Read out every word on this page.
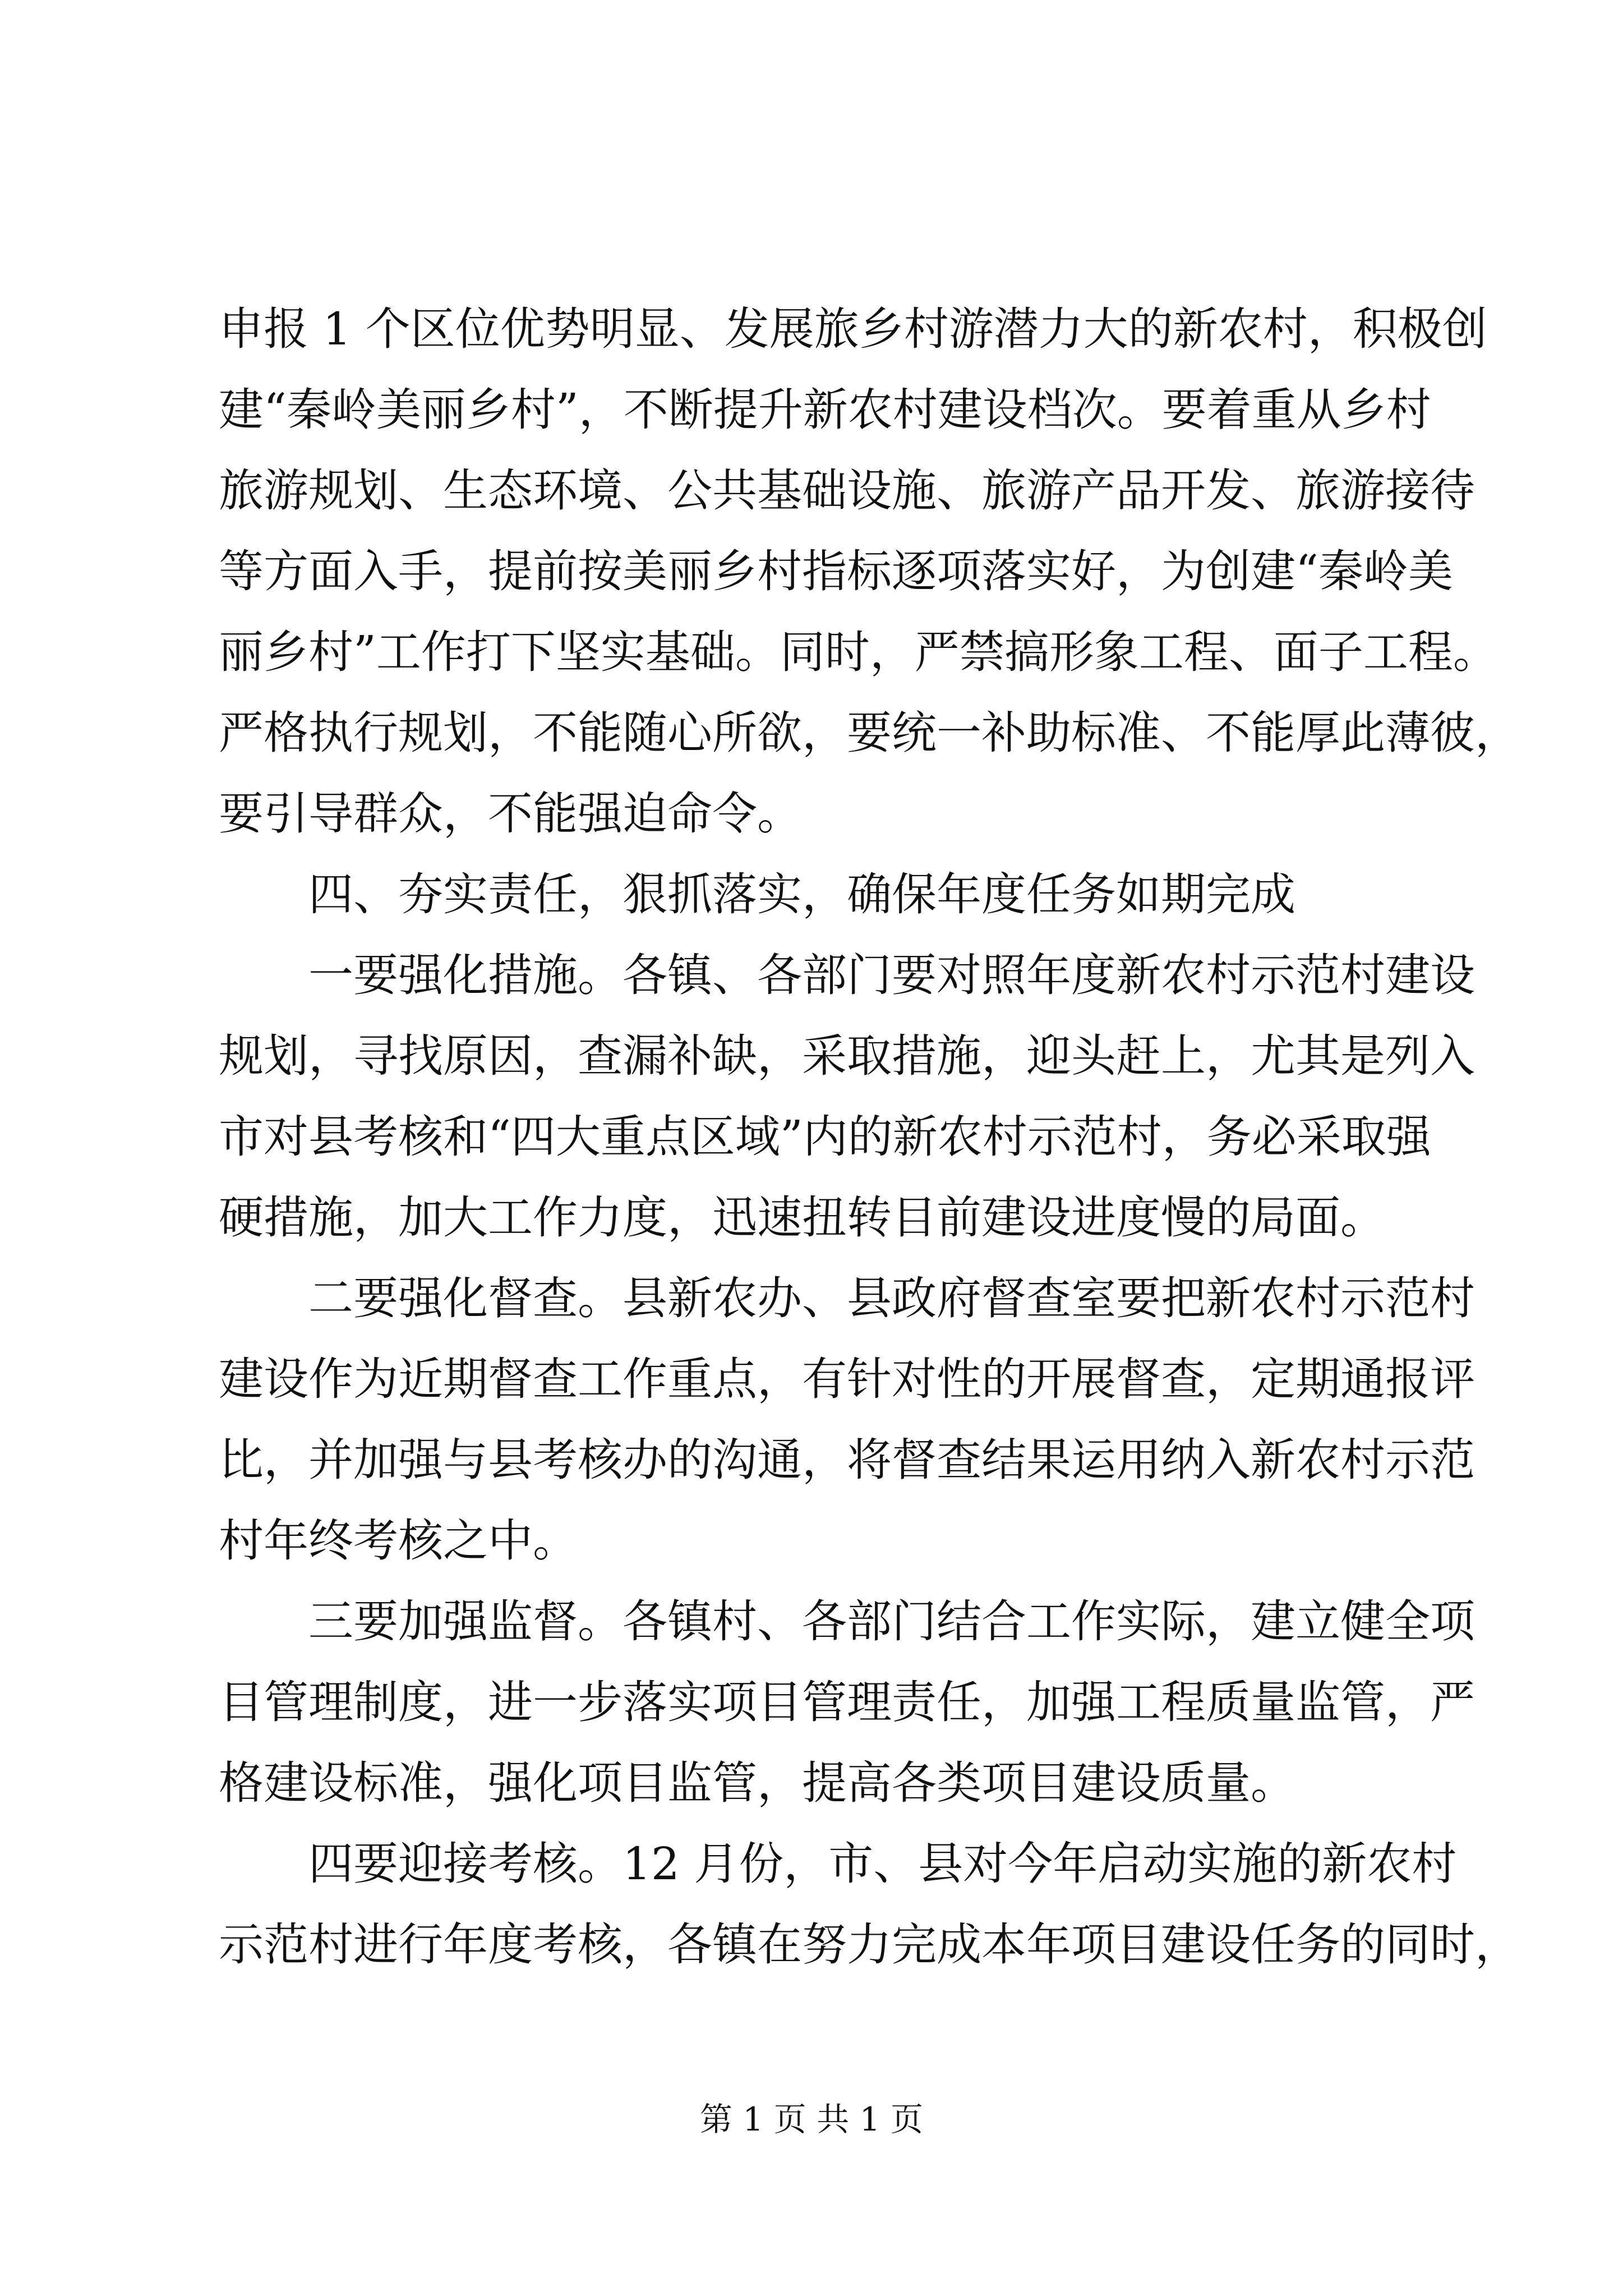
申报 1 个区位优势明显、发展旅乡村游潜力大的新农村，积极创
建“秦岭美丽乡村”，不断提升新农村建设档次。要着重从乡村
旅游规划、生态环境、公共基础设施、旅游产品开发、旅游接待
等方面入手，提前按美丽乡村指标逐项落实好，为创建“秦岭美
丽乡村”工作打下坚实基础。同时，严禁搞形象工程、面子工程。
严格执行规划，不能随心所欲，要统一补助标准、不能厚此薄彼，
要引导群众，不能强迫命令。
四、夯实责任，狠抓落实，确保年度任务如期完成
一要强化措施。各镇、各部门要对照年度新农村示范村建设
规划，寻找原因，查漏补缺，采取措施，迎头赶上，尤其是列入
市对县考核和“四大重点区域”内的新农村示范村，务必采取强
硬措施，加大工作力度，迅速扭转目前建设进度慢的局面。
二要强化督查。县新农办、县政府督查室要把新农村示范村
建设作为近期督查工作重点，有针对性的开展督查，定期通报评
比，并加强与县考核办的沟通，将督查结果运用纳入新农村示范
村年终考核之中。
三要加强监督。各镇村、各部门结合工作实际，建立健全项
目管理制度，进一步落实项目管理责任，加强工程质量监管，严
格建设标准，强化项目监管，提高各类项目建设质量。
四要迎接考核。12 月份，市、县对今年启动实施的新农村
示范村进行年度考核，各镇在努力完成本年项目建设任务的同时，
第 1 页 共 1 页
